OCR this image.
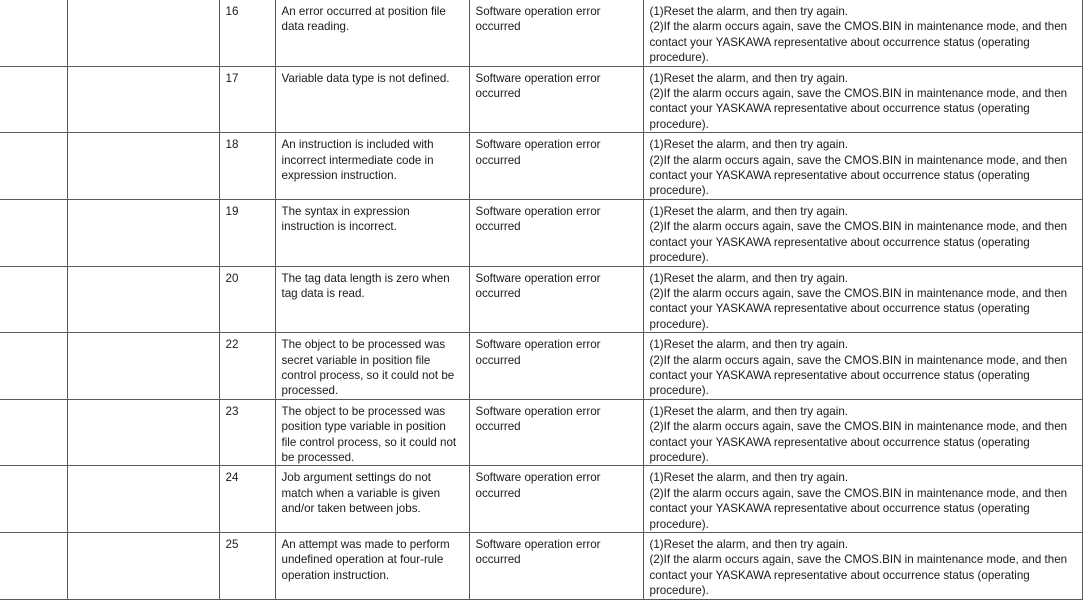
		16	An error occurred at position file data reading.	Software operation error occurred	(1)Reset the alarm, and then try again.
(2)If the alarm occurs again, save the CMOS.BIN in maintenance mode, and then contact your YASKAWA representative about occurrence status (operating procedure).

		17	Variable data type is not defined.	Software operation error occurred	(1)Reset the alarm, and then try again.
(2)If the alarm occurs again, save the CMOS.BIN in maintenance mode, and then contact your YASKAWA representative about occurrence status (operating procedure).

		18	An instruction is included with incorrect intermediate code in expression instruction.	Software operation error occurred	(1)Reset the alarm, and then try again.
(2)If the alarm occurs again, save the CMOS.BIN in maintenance mode, and then contact your YASKAWA representative about occurrence status (operating procedure).

		19	The syntax in expression instruction is incorrect.	Software operation error occurred	(1)Reset the alarm, and then try again.
(2)If the alarm occurs again, save the CMOS.BIN in maintenance mode, and then contact your YASKAWA representative about occurrence status (operating procedure).

		20	The tag data length is zero when tag data is read.	Software operation error occurred	(1)Reset the alarm, and then try again.
(2)If the alarm occurs again, save the CMOS.BIN in maintenance mode, and then contact your YASKAWA representative about occurrence status (operating procedure).

		22	The object to be processed was secret variable in position file control process, so it could not be processed.	Software operation error occurred	(1)Reset the alarm, and then try again.
(2)If the alarm occurs again, save the CMOS.BIN in maintenance mode, and then contact your YASKAWA representative about occurrence status (operating procedure).

		23	The object to be processed was position type variable in position file control process, so it could not be processed.	Software operation error occurred	(1)Reset the alarm, and then try again.
(2)If the alarm occurs again, save the CMOS.BIN in maintenance mode, and then contact your YASKAWA representative about occurrence status (operating procedure).

		24	Job argument settings do not match when a variable is given and/or taken between jobs.	Software operation error occurred	(1)Reset the alarm, and then try again.
(2)If the alarm occurs again, save the CMOS.BIN in maintenance mode, and then contact your YASKAWA representative about occurrence status (operating procedure).

		25	An attempt was made to perform undefined operation at four-rule operation instruction.	Software operation error occurred	(1)Reset the alarm, and then try again.
(2)If the alarm occurs again, save the CMOS.BIN in maintenance mode, and then contact your YASKAWA representative about occurrence status (operating procedure).
